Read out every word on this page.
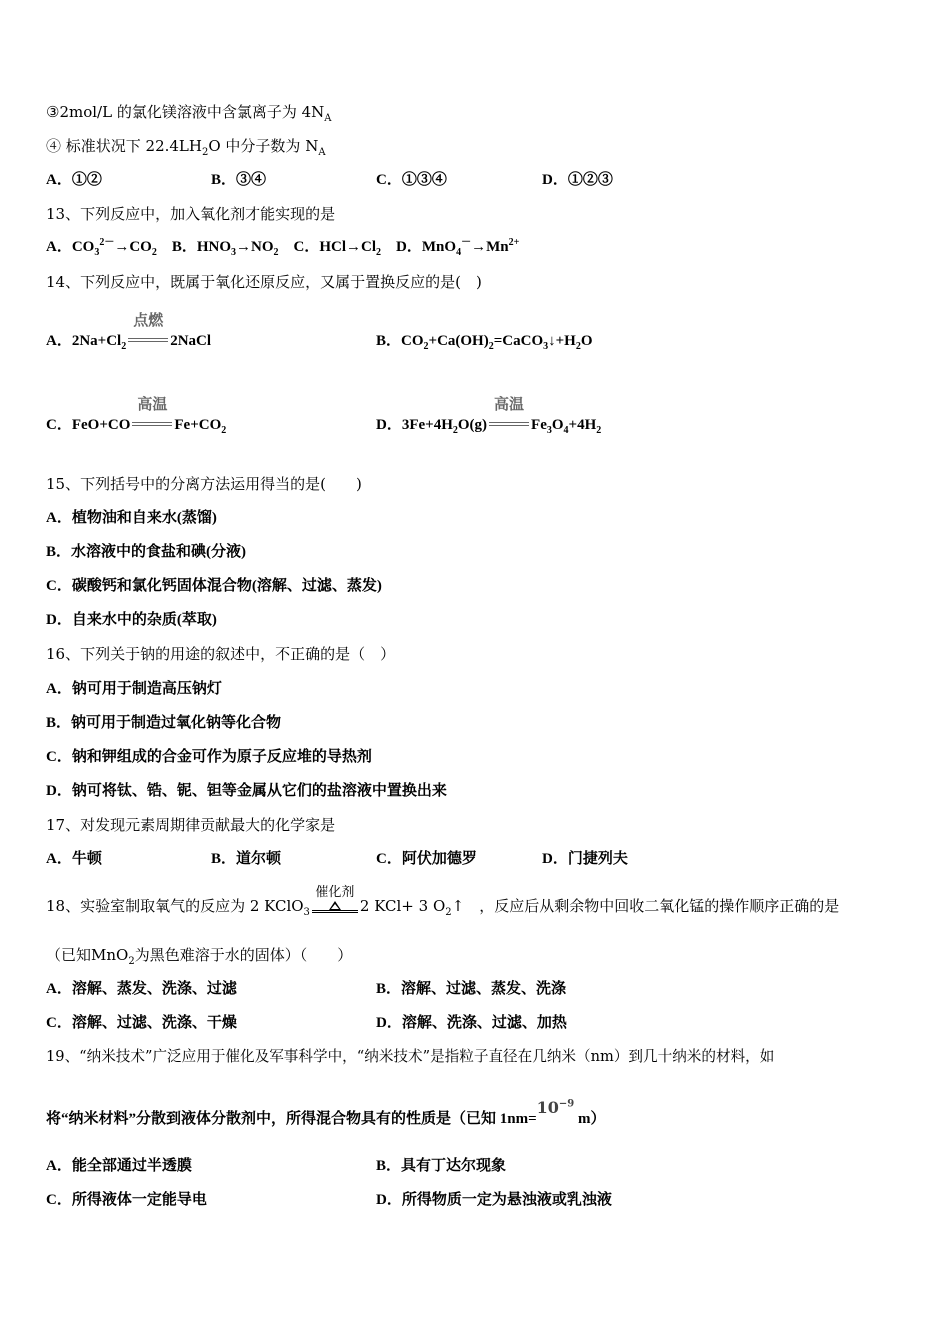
③2mol/L 的氯化镁溶液中含氯离子为 $4N_A$
④ 标准状况下 $22.4LH_2O$ 中分子数为 $N_A$
A．①②	B．③④	C．①③④	D．①②③
13、下列反应中，加入氧化剂才能实现的是
A．$CO_3^{2-}\to CO_2$　B．$HNO_3\to NO_2$　C．$HCl\to Cl_2$　D．$MnO_4^-\to Mn^{2+}$
14、下列反应中，既属于氧化还原反应，又属于置换反应的是(　)
A．$2Na+Cl_2$
点燃
2NaCl	B．$CO_2+Ca(OH)_2=CaCO_3↓+H_2O$
C．FeO+CO
高温
$Fe+CO_2$	D．$3Fe+4H_2O(g)$
高温
$Fe_3O_4+4H_2$
15、下列括号中的分离方法运用得当的是(　　)
A．植物油和自来水(蒸馏)
B．水溶液中的食盐和碘(分液)
C．碳酸钙和氯化钙固体混合物(溶解、过滤、蒸发)
D．自来水中的杂质(萃取)
16、下列关于钠的用途的叙述中，不正确的是（　）
A．钠可用于制造高压钠灯
B．钠可用于制造过氧化钠等化合物
C．钠和钾组成的合金可作为原子反应堆的导热剂
D．钠可将钛、锆、铌、钽等金属从它们的盐溶液中置换出来
17、对发现元素周期律贡献最大的化学家是
A．牛顿	B．道尔顿	C．阿伏加德罗	D．门捷列夫
18、实验室制取氧气的反应为 2 KClO$_3$
催化剂
2 KCl+ 3 $O_2↑$　，反应后从剩余物中回收二氧化锰的操作顺序正确的是
（已知MnO$_2$为黑色难溶于水的固体）（　　）
A．溶解、蒸发、洗涤、过滤	B．溶解、过滤、蒸发、洗涤
C．溶解、过滤、洗涤、干燥	D．溶解、洗涤、过滤、加热
19、“纳米技术”广泛应用于催化及军事科学中，“纳米技术”是指粒子直径在几纳米（nm）到几十纳米的材料，如
将“纳米材料”分散到液体分散剂中，所得混合物具有的性质是（已知 $1nm=10^{-9}$ m）
A．能全部通过半透膜	B．具有丁达尔现象
C．所得液体一定能导电	D．所得物质一定为悬浊液或乳浊液
